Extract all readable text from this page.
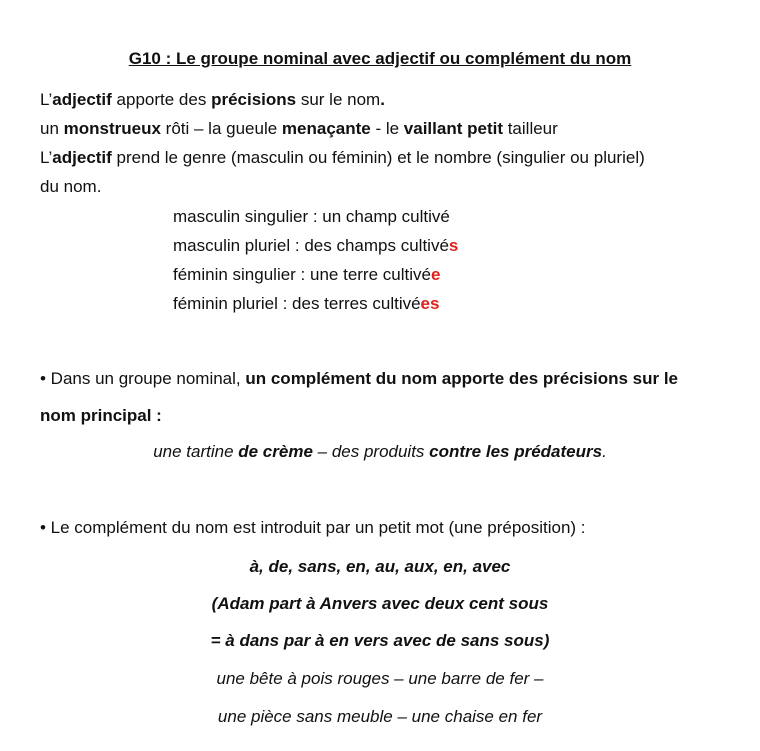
G10 : Le groupe nominal avec adjectif ou complément du nom
L’adjectif apporte des précisions sur le nom.
un monstrueux rôti – la gueule menaçante - le vaillant petit tailleur
L’adjectif prend le genre (masculin ou féminin) et le nombre (singulier ou pluriel)
du nom.
masculin singulier : un champ cultivé
masculin pluriel : des champs cultivés
féminin singulier : une terre cultivée
féminin pluriel : des terres cultivées
• Dans un groupe nominal, un complément du nom apporte des précisions sur le
nom principal :
une tartine de crème – des produits contre les prédateurs.
• Le complément du nom est introduit par un petit mot (une préposition) :
à, de, sans, en, au, aux, en, avec
(Adam part à Anvers avec deux cent sous
= à dans par à en vers avec de sans sous)
une bête à pois rouges – une barre de fer –
une pièce sans meuble – une chaise en fer
